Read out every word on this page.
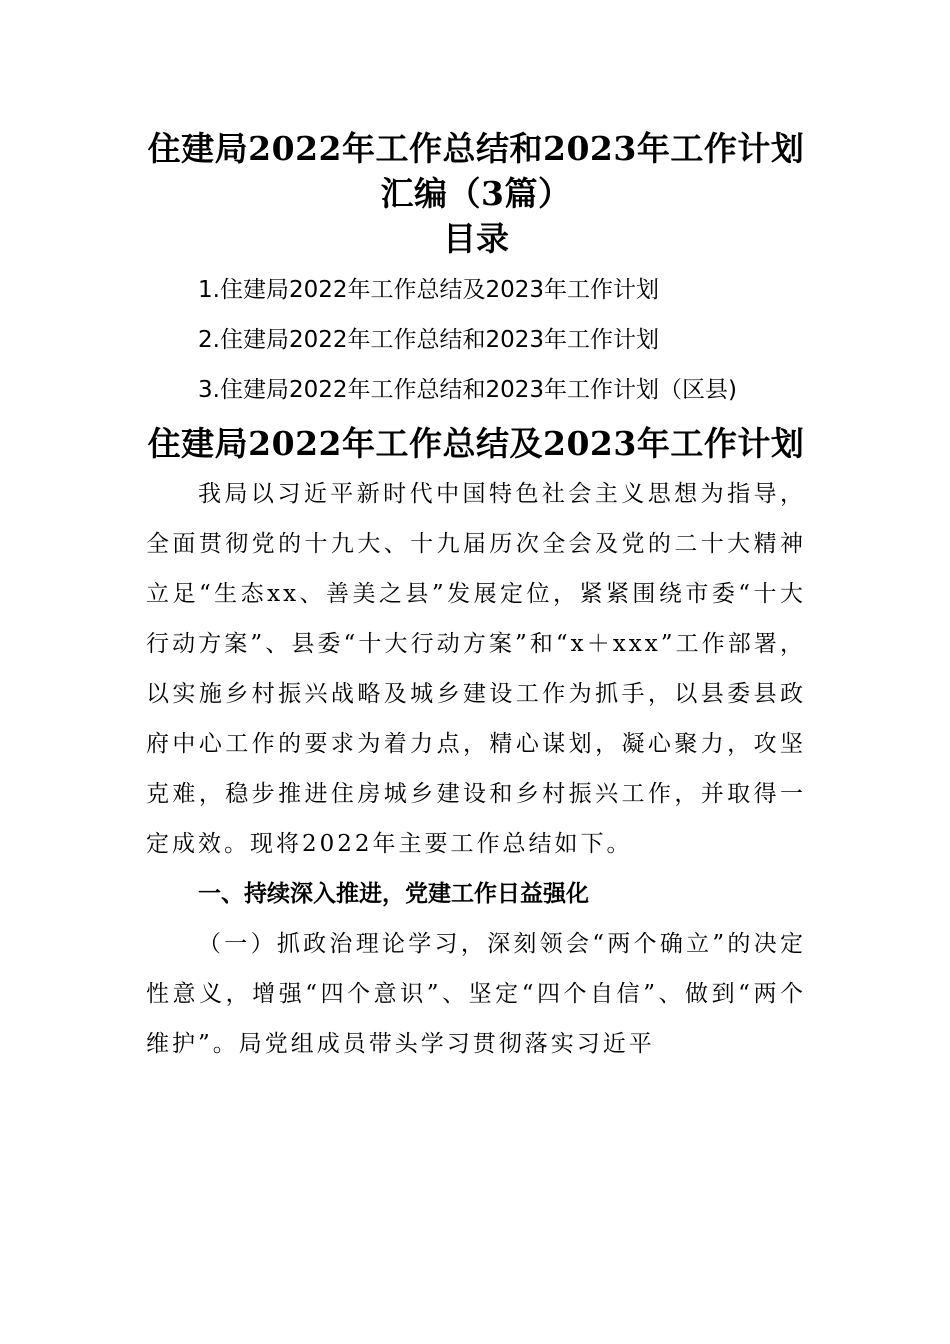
住建局2022年工作总结和2023年工作计划
汇编（3篇）
目录
1.住建局2022年工作总结及2023年工作计划
2.住建局2022年工作总结和2023年工作计划
3.住建局2022年工作总结和2023年工作计划（区县)
住建局2022年工作总结及2023年工作计划

我局以习近平新时代中国特色社会主义思想为指导，全面贯彻党的十九大、十九届历次全会及党的二十大精神立足“生态xx、善美之县”发展定位，紧紧围绕市委“十大行动方案”、县委“十大行动方案”和“x＋xxx”工作部署，以实施乡村振兴战略及城乡建设工作为抓手，以县委县政府中心工作的要求为着力点，精心谋划，凝心聚力，攻坚克难，稳步推进住房城乡建设和乡村振兴工作，并取得一定成效。现将2022年主要工作总结如下。

一、持续深入推进，党建工作日益强化

（一）抓政治理论学习，深刻领会“两个确立”的决定性意义，增强“四个意识”、坚定“四个自信”、做到“两个维护”。局党组成员带头学习贯彻落实习近平
